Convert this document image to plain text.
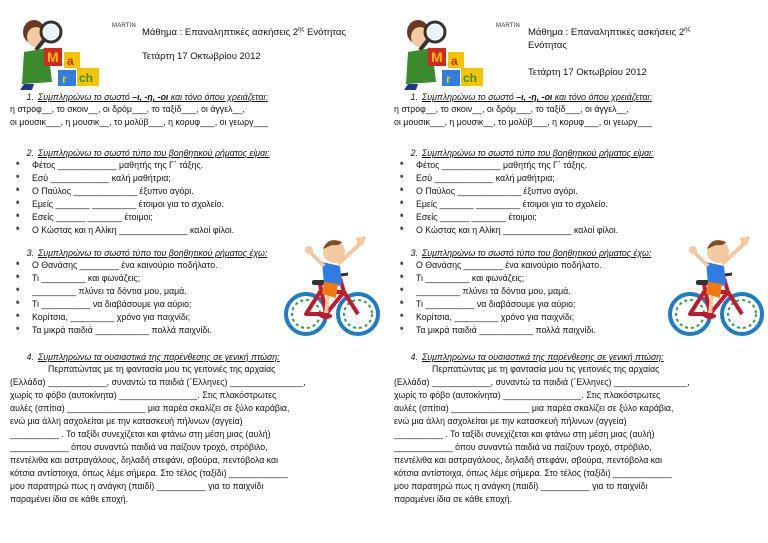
M a
r ch
MARTIN
Μάθημα : Επαναληπτικές ασκήσεις $2^{\eta\varsigma}$ Ενότητας
Τετάρτη 17 Οκτωβρίου 2012
1. Συμπληρώνω το σωστό –ι, -η, -οι και τόνο όπου χρειάζεται:
η στροφ__, το σκοιν__, οι δρόμ___, το ταξίδ___, οι άγγελ__,
οι μουσικ___, η μουσικ__, το μολύβ___, η κορυφ___, οι γεωργ___
2. Συμπληρώνω το σωστό τύπο του βοηθητικού ρήματος είμαι:
* Φέτος ____________ μαθητής της Γ΄ τάξης.
* Εσύ ____________ καλή μαθήτρια;
* Ο Παύλος _____________ έξυπνο αγόρι.
* Εμείς _______ _________ έτοιμοι για το σχολείο.
* Εσείς ______ _______ έτοιμοι;
* Ο Κώστας και η Αλίκη ______________ καλοί φίλοι.
3. Συμπληρώνω το σωστό τύπο του βοηθητικού ρήματος έχω:
* Ο Θανάσης ________ ένα καινούριο ποδήλατο.
* Τι _________ και φωνάζεις;
* _________ πλύνει τα δόντια μου, μαμά.
* Τι __________ να διαβάσουμε για αύριο;
* Κορίτσια, _________ χρόνο για παιχνίδι;
* Τα μικρά παιδιά ___________ πολλά παιχνίδι.
4. Συμπληρώνω τα ουσιαστικά της παρένθεσης σε γενική πτώση:
Περπατώντας με τη φαντασία μου τις γειτονιές της αρχαίας
(Ελλάδα) ____________, συναντώ τα παιδιά (΄Ελληνες) _______________,
χωρίς το φόβο (αυτοκίνητα) ________________. Στις πλακόστρωτες
αυλές (σπίτια) ________________ μια παρέα σκαλίζει σε ξύλο καράβια,
ενώ μια άλλη ασχολείται με την κατασκευή πήλινων (αγγεία)
__________ . Το ταξίδι συνεχίζεται και φτάνω στη μέση μιας (αυλή)
____________ όπου συναντώ παιδιά να παίζουν τροχό, στρόβιλο,
πεντέλιθα και αστραγάλους, δηλαδή στεφάνι, σβούρα, πεντόβολα και
κότσια αντίστοιχα, όπως λέμε σήμερα. Στο τέλος (ταξίδι) ____________
μου παρατηρώ πως η ανάγκη (παιδί) __________ για το παιχνίδι
παραμένει ίδια σε κάθε εποχή.
M a
r ch
MARTIN
Μάθημα : Επαναληπτικές ασκήσεις $2^{\eta\varsigma}$ Ενότητας
Τετάρτη 17 Οκτωβρίου 2012
1. Συμπληρώνω το σωστό –ι, -η, -οι και τόνο όπου χρειάζεται:
η στροφ__, το σκοιν__, οι δρόμ___, το ταξίδ___, οι άγγελ__,
οι μουσικ___, η μουσικ__, το μολύβ___, η κορυφ___, οι γεωργ___
2. Συμπληρώνω το σωστό τύπο του βοηθητικού ρήματος είμαι:
* Φέτος ____________ μαθητής της Γ΄ τάξης.
* Εσύ ____________ καλή μαθήτρια;
* Ο Παύλος _____________ έξυπνο αγόρι.
* Εμείς _______ _________ έτοιμοι για το σχολείο.
* Εσείς ______ _______ έτοιμοι;
* Ο Κώστας και η Αλίκη ______________ καλοί φίλοι.
3. Συμπληρώνω το σωστό τύπο του βοηθητικού ρήματος έχω:
* Ο Θανάσης ________ ένα καινούριο ποδήλατο.
* Τι _________ και φωνάζεις;
* _________ πλύνει τα δόντια μου, μαμά.
* Τι __________ να διαβάσουμε για αύριο;
* Κορίτσια, _________ χρόνο για παιχνίδι;
* Τα μικρά παιδιά ___________ πολλά παιχνίδι.
4. Συμπληρώνω τα ουσιαστικά της παρένθεσης σε γενική πτώση:
Περπατώντας με τη φαντασία μου τις γειτονιές της αρχαίας
(Ελλάδα) ____________, συναντώ τα παιδιά (΄Ελληνες) _______________,
χωρίς το φόβο (αυτοκίνητα) ________________. Στις πλακόστρωτες
αυλές (σπίτια) ________________ μια παρέα σκαλίζει σε ξύλο καράβια,
ενώ μια άλλη ασχολείται με την κατασκευή πήλινων (αγγεία)
__________ . Το ταξίδι συνεχίζεται και φτάνω στη μέση μιας (αυλή)
____________ όπου συναντώ παιδιά να παίζουν τροχό, στρόβιλο,
πεντέλιθα και αστραγάλους, δηλαδή στεφάνι, σβούρα, πεντόβολα και
κότσια αντίστοιχα, όπως λέμε σήμερα. Στο τέλος (ταξίδι) ____________
μου παρατηρώ πως η ανάγκη (παιδί) __________ για το παιχνίδι
παραμένει ίδια σε κάθε εποχή.
